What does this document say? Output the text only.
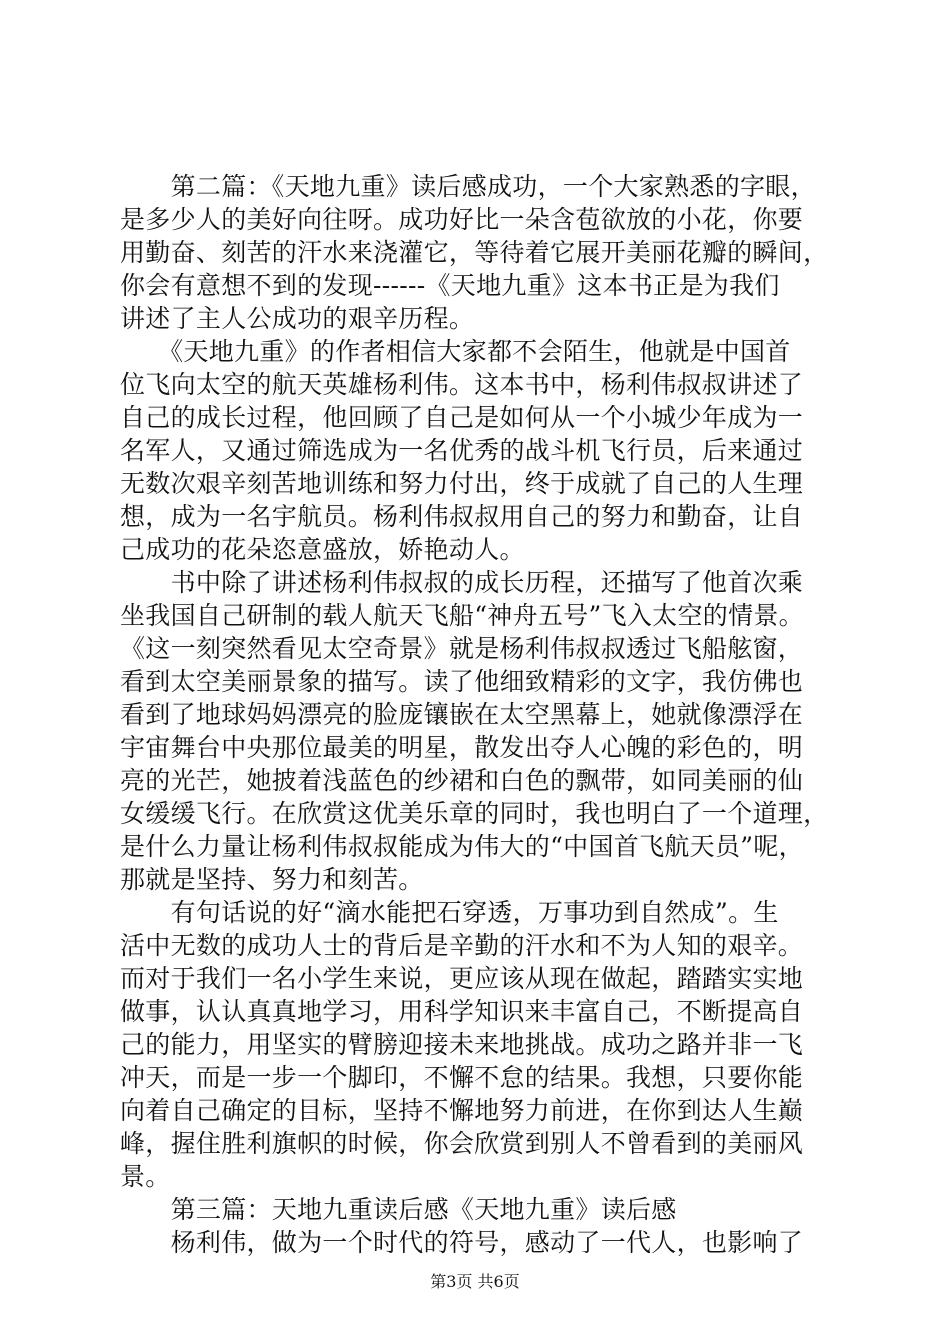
　　第二篇：《天地九重》读后感成功，一个大家熟悉的字眼，
是多少人的美好向往呀。成功好比一朵含苞欲放的小花，你要
用勤奋、刻苦的汗水来浇灌它，等待着它展开美丽花瓣的瞬间，
你会有意想不到的发现------《天地九重》这本书正是为我们
讲述了主人公成功的艰辛历程。
　　《天地九重》的作者相信大家都不会陌生，他就是中国首
位飞向太空的航天英雄杨利伟。这本书中，杨利伟叔叔讲述了
自己的成长过程，他回顾了自己是如何从一个小城少年成为一
名军人，又通过筛选成为一名优秀的战斗机飞行员，后来通过
无数次艰辛刻苦地训练和努力付出，终于成就了自己的人生理
想，成为一名宇航员。杨利伟叔叔用自己的努力和勤奋，让自
己成功的花朵恣意盛放，娇艳动人。
　　书中除了讲述杨利伟叔叔的成长历程，还描写了他首次乘
坐我国自己研制的载人航天飞船“神舟五号”飞入太空的情景。
《这一刻突然看见太空奇景》就是杨利伟叔叔透过飞船舷窗，
看到太空美丽景象的描写。读了他细致精彩的文字，我仿佛也
看到了地球妈妈漂亮的脸庞镶嵌在太空黑幕上，她就像漂浮在
宇宙舞台中央那位最美的明星，散发出夺人心魄的彩色的，明
亮的光芒，她披着浅蓝色的纱裙和白色的飘带，如同美丽的仙
女缓缓飞行。在欣赏这优美乐章的同时，我也明白了一个道理，
是什么力量让杨利伟叔叔能成为伟大的“中国首飞航天员”呢，
那就是坚持、努力和刻苦。
　　有句话说的好“滴水能把石穿透，万事功到自然成”。生
活中无数的成功人士的背后是辛勤的汗水和不为人知的艰辛。
而对于我们一名小学生来说，更应该从现在做起，踏踏实实地
做事，认认真真地学习，用科学知识来丰富自己，不断提高自
己的能力，用坚实的臂膀迎接未来地挑战。成功之路并非一飞
冲天，而是一步一个脚印，不懈不怠的结果。我想，只要你能
向着自己确定的目标，坚持不懈地努力前进，在你到达人生巅
峰，握住胜利旗帜的时候，你会欣赏到别人不曾看到的美丽风
景。
　　第三篇：天地九重读后感《天地九重》读后感
　　杨利伟，做为一个时代的符号，感动了一代人，也影响了
第3页 共6页
